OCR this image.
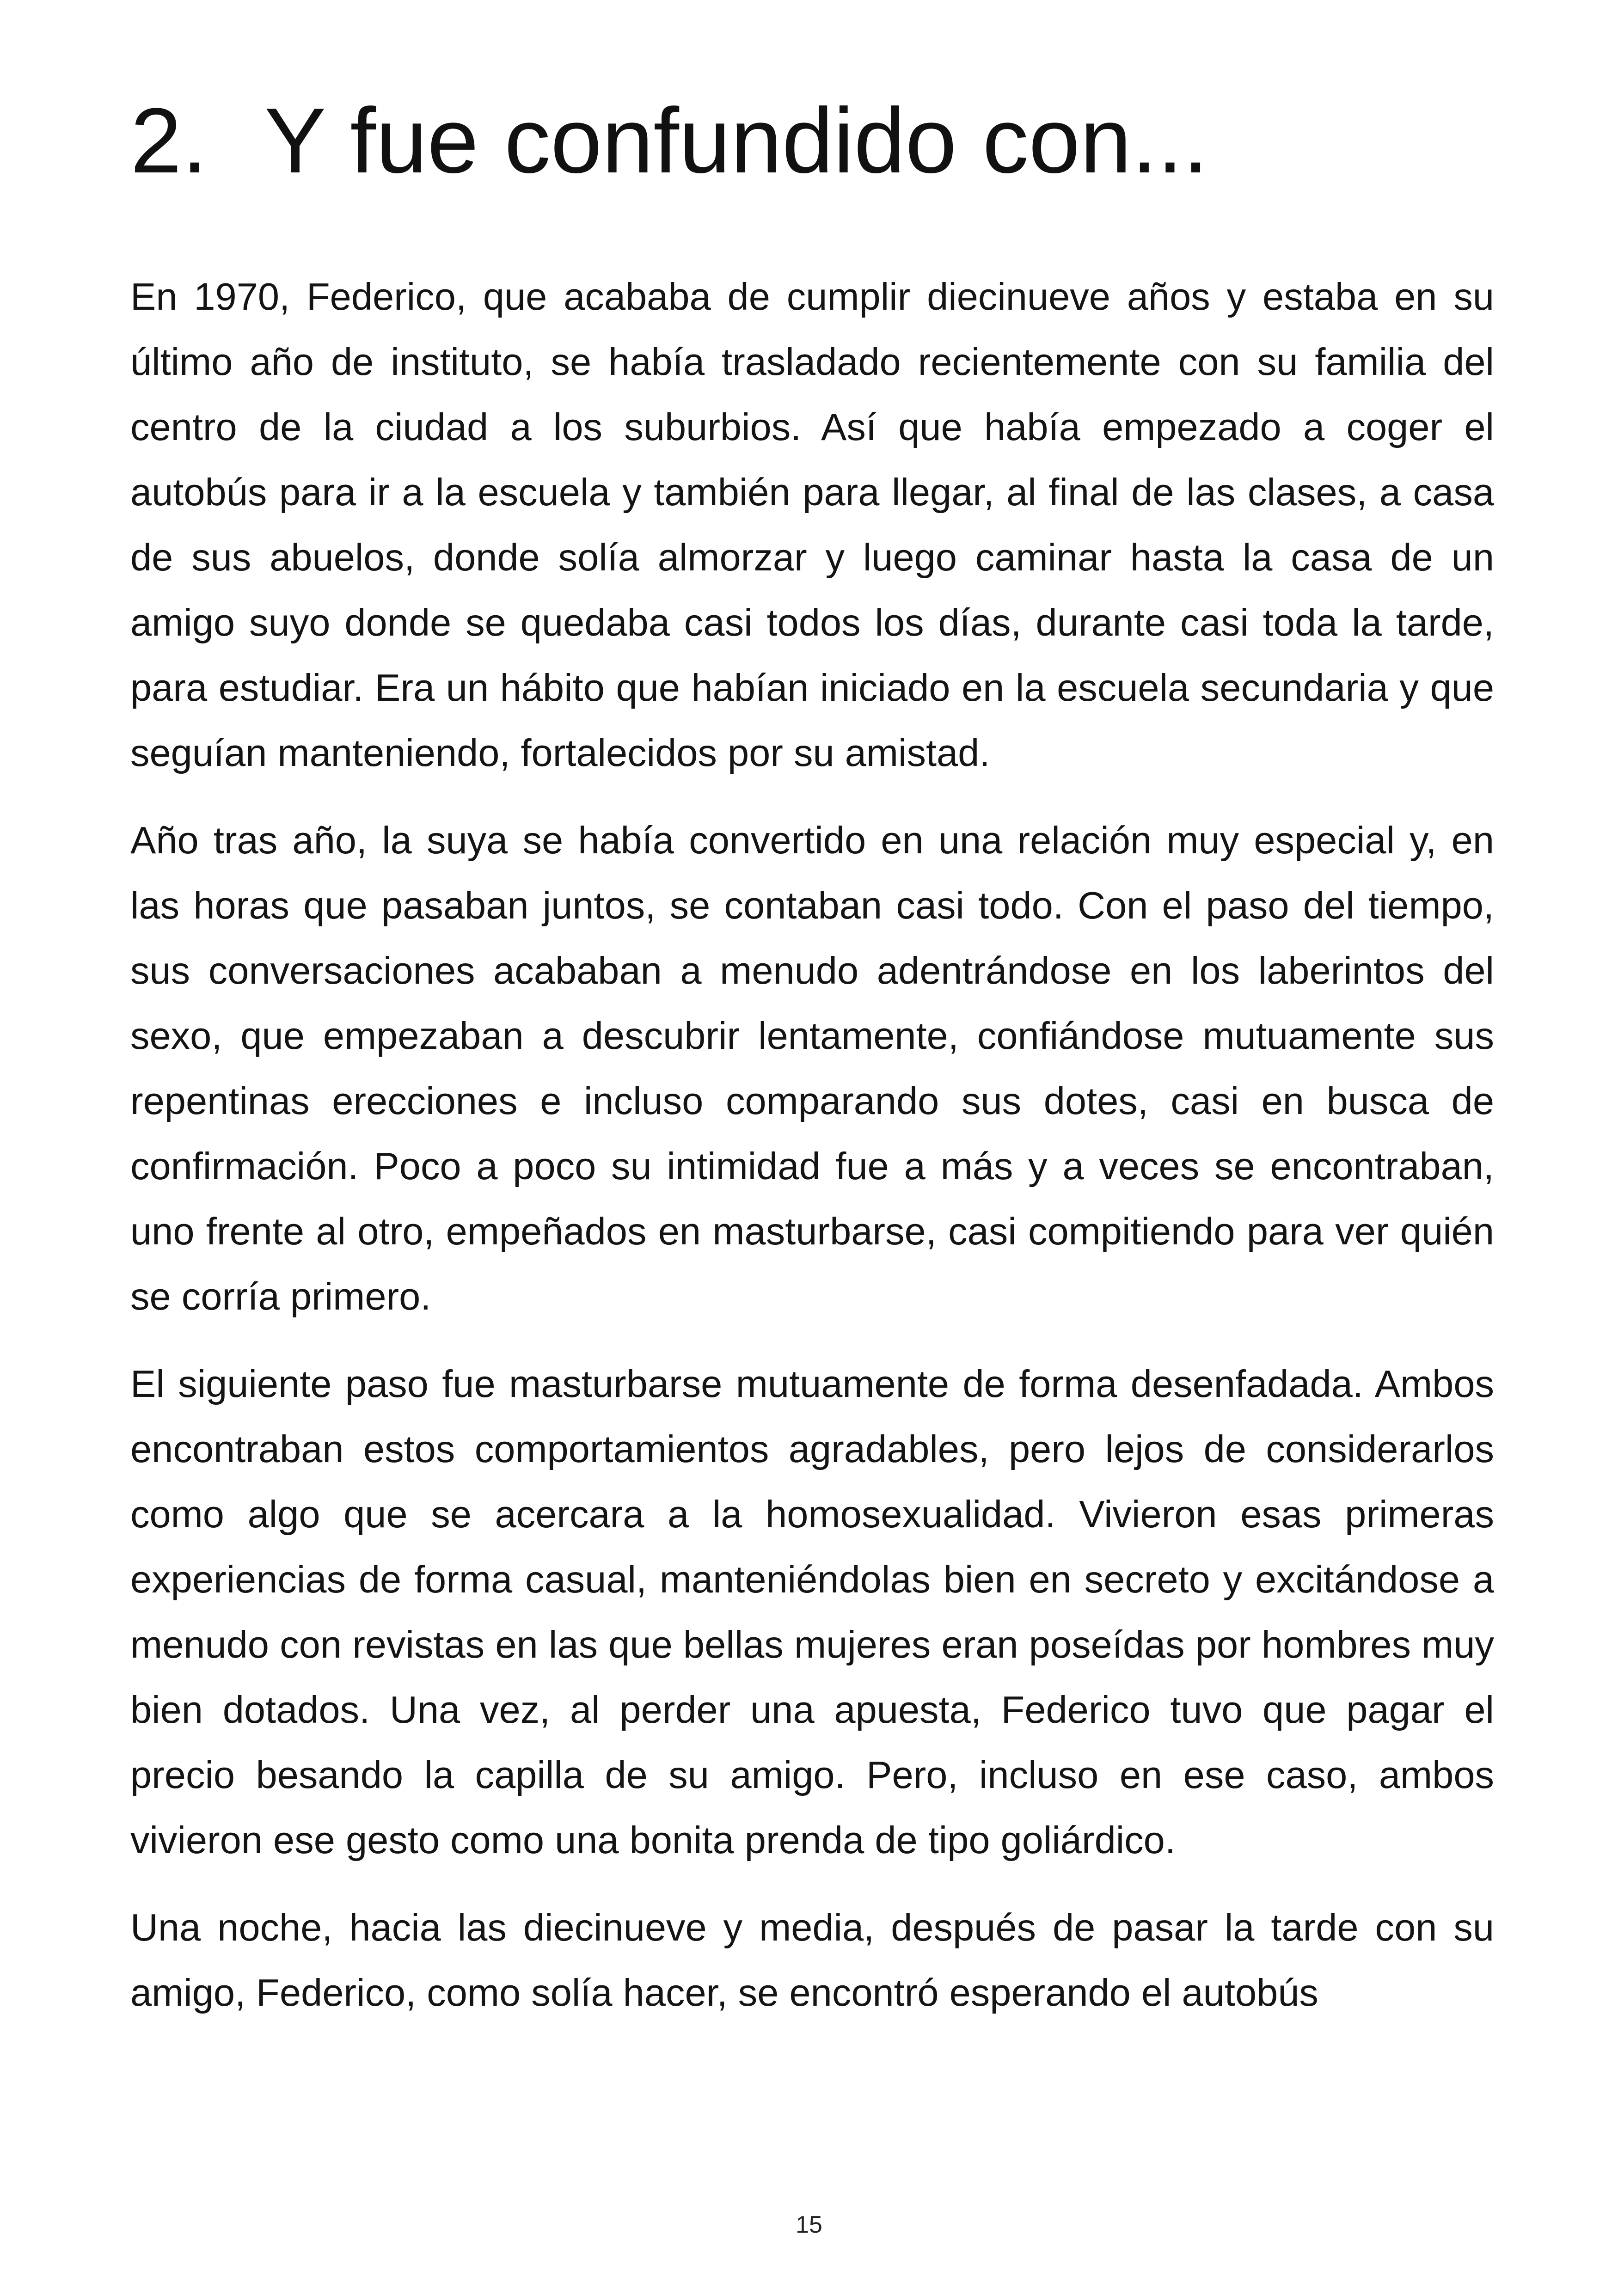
2. Y fue confundido con...

En 1970, Federico, que acababa de cumplir diecinueve años y estaba en su último año de instituto, se había trasladado recientemente con su familia del centro de la ciudad a los suburbios. Así que había empezado a coger el autobús para ir a la escuela y también para llegar, al final de las clases, a casa de sus abuelos, donde solía almorzar y luego caminar hasta la casa de un amigo suyo donde se quedaba casi todos los días, durante casi toda la tarde, para estudiar. Era un hábito que habían iniciado en la escuela secundaria y que seguían manteniendo, fortalecidos por su amistad.

Año tras año, la suya se había convertido en una relación muy especial y, en las horas que pasaban juntos, se contaban casi todo. Con el paso del tiempo, sus conversaciones acababan a menudo adentrándose en los laberintos del sexo, que empezaban a descubrir lentamente, confiándose mutuamente sus repentinas erecciones e incluso comparando sus dotes, casi en busca de confirmación. Poco a poco su intimidad fue a más y a veces se encontraban, uno frente al otro, empeñados en masturbarse, casi compitiendo para ver quién se corría primero.

El siguiente paso fue masturbarse mutuamente de forma desenfadada. Ambos encontraban estos comportamientos agradables, pero lejos de considerarlos como algo que se acercara a la homosexualidad. Vivieron esas primeras experiencias de forma casual, manteniéndolas bien en secreto y excitándose a menudo con revistas en las que bellas mujeres eran poseídas por hombres muy bien dotados. Una vez, al perder una apuesta, Federico tuvo que pagar el precio besando la capilla de su amigo. Pero, incluso en ese caso, ambos vivieron ese gesto como una bonita prenda de tipo goliárdico.

Una noche, hacia las diecinueve y media, después de pasar la tarde con su amigo, Federico, como solía hacer, se encontró esperando el autobús

15
